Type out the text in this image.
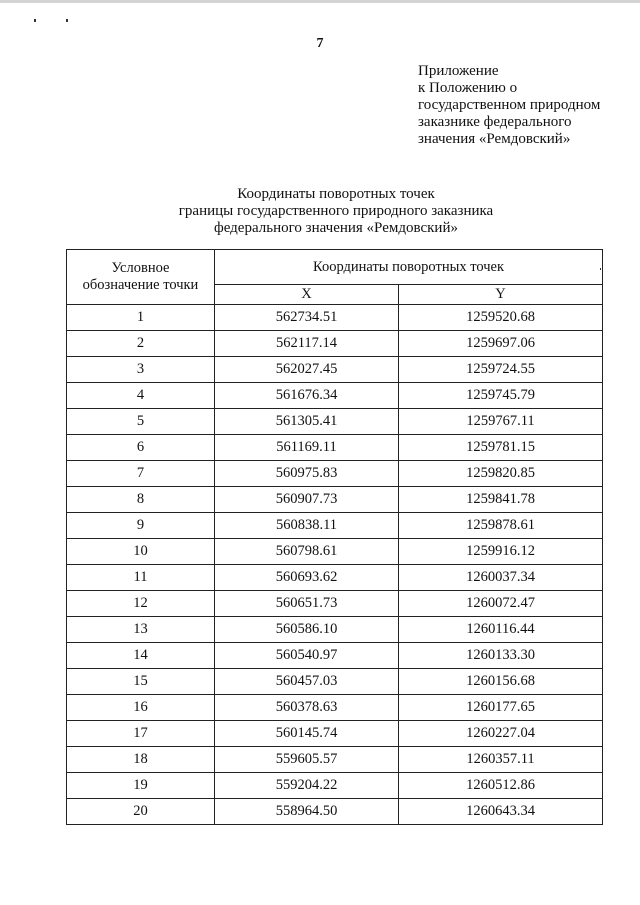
7
Приложение
к Положению о
государственном природном
заказнике федерального
значения «Ремдовский»
Координаты поворотных точек
границы государственного природного заказника
федерального значения «Ремдовский»
Условное
обозначение точки	Координаты поворотных точек	
	X	Y
1	562734.51	1259520.68
2	562117.14	1259697.06
3	562027.45	1259724.55
4	561676.34	1259745.79
5	561305.41	1259767.11
6	561169.11	1259781.15
7	560975.83	1259820.85
8	560907.73	1259841.78
9	560838.11	1259878.61
10	560798.61	1259916.12
11	560693.62	1260037.34
12	560651.73	1260072.47
13	560586.10	1260116.44
14	560540.97	1260133.30
15	560457.03	1260156.68
16	560378.63	1260177.65
17	560145.74	1260227.04
18	559605.57	1260357.11
19	559204.22	1260512.86
20	558964.50	1260643.34
